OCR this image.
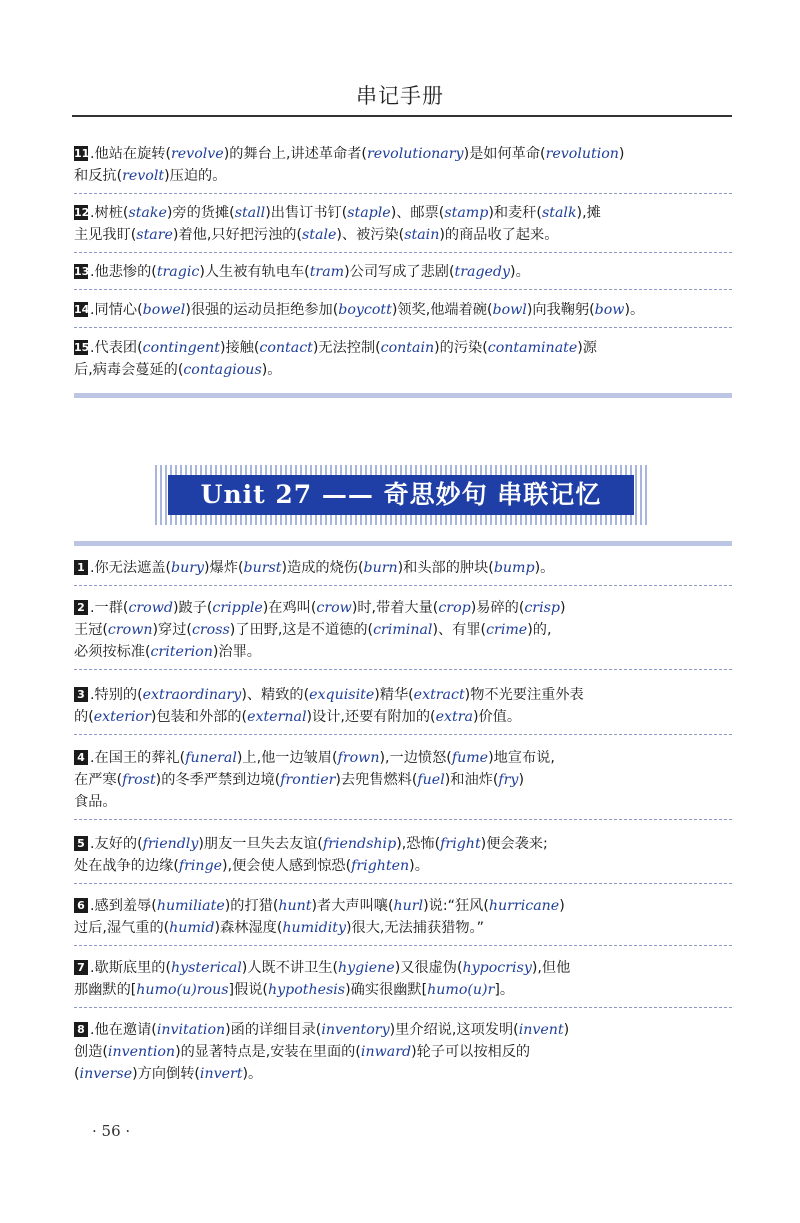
串记手册
11.他站在旋转(revolve)的舞台上,讲述革命者(revolutionary)是如何革命(revolution)
和反抗(revolt)压迫的。
12.树桩(stake)旁的货摊(stall)出售订书钉(staple)、邮票(stamp)和麦秆(stalk),摊
主见我盯(stare)着他,只好把污浊的(stale)、被污染(stain)的商品收了起来。
13.他悲惨的(tragic)人生被有轨电车(tram)公司写成了悲剧(tragedy)。
14.同情心(bowel)很强的运动员拒绝参加(boycott)领奖,他端着碗(bowl)向我鞠躬(bow)。
15.代表团(contingent)接触(contact)无法控制(contain)的污染(contaminate)源
后,病毒会蔓延的(contagious)。
Unit 27 —— 奇思妙句 串联记忆
1 .你无法遮盖(bury)爆炸(burst)造成的烧伤(burn)和头部的肿块(bump)。
2 .一群(crowd)跛子(cripple)在鸡叫(crow)时,带着大量(crop)易碎的(crisp)
王冠(crown)穿过(cross)了田野,这是不道德的(criminal)、有罪(crime)的,
必须按标准(criterion)治罪。
3 .特别的(extraordinary)、精致的(exquisite)精华(extract)物不光要注重外表
的(exterior)包装和外部的(external)设计,还要有附加的(extra)价值。
4 .在国王的葬礼(funeral)上,他一边皱眉(frown),一边愤怒(fume)地宣布说,
在严寒(frost)的冬季严禁到边境(frontier)去兜售燃料(fuel)和油炸(fry)
食品。
5 .友好的(friendly)朋友一旦失去友谊(friendship),恐怖(fright)便会袭来;
处在战争的边缘(fringe),便会使人感到惊恐(frighten)。
6 .感到羞辱(humiliate)的打猎(hunt)者大声叫嚷(hurl)说:“狂风(hurricane)
过后,湿气重的(humid)森林湿度(humidity)很大,无法捕获猎物。”
7 .歇斯底里的(hysterical)人既不讲卫生(hygiene)又很虚伪(hypocrisy),但他
那幽默的[humo(u)rous]假说(hypothesis)确实很幽默[humo(u)r]。
8 .他在邀请(invitation)函的详细目录(inventory)里介绍说,这项发明(invent)
创造(invention)的显著特点是,安装在里面的(inward)轮子可以按相反的
(inverse)方向倒转(invert)。
· 56 ·
